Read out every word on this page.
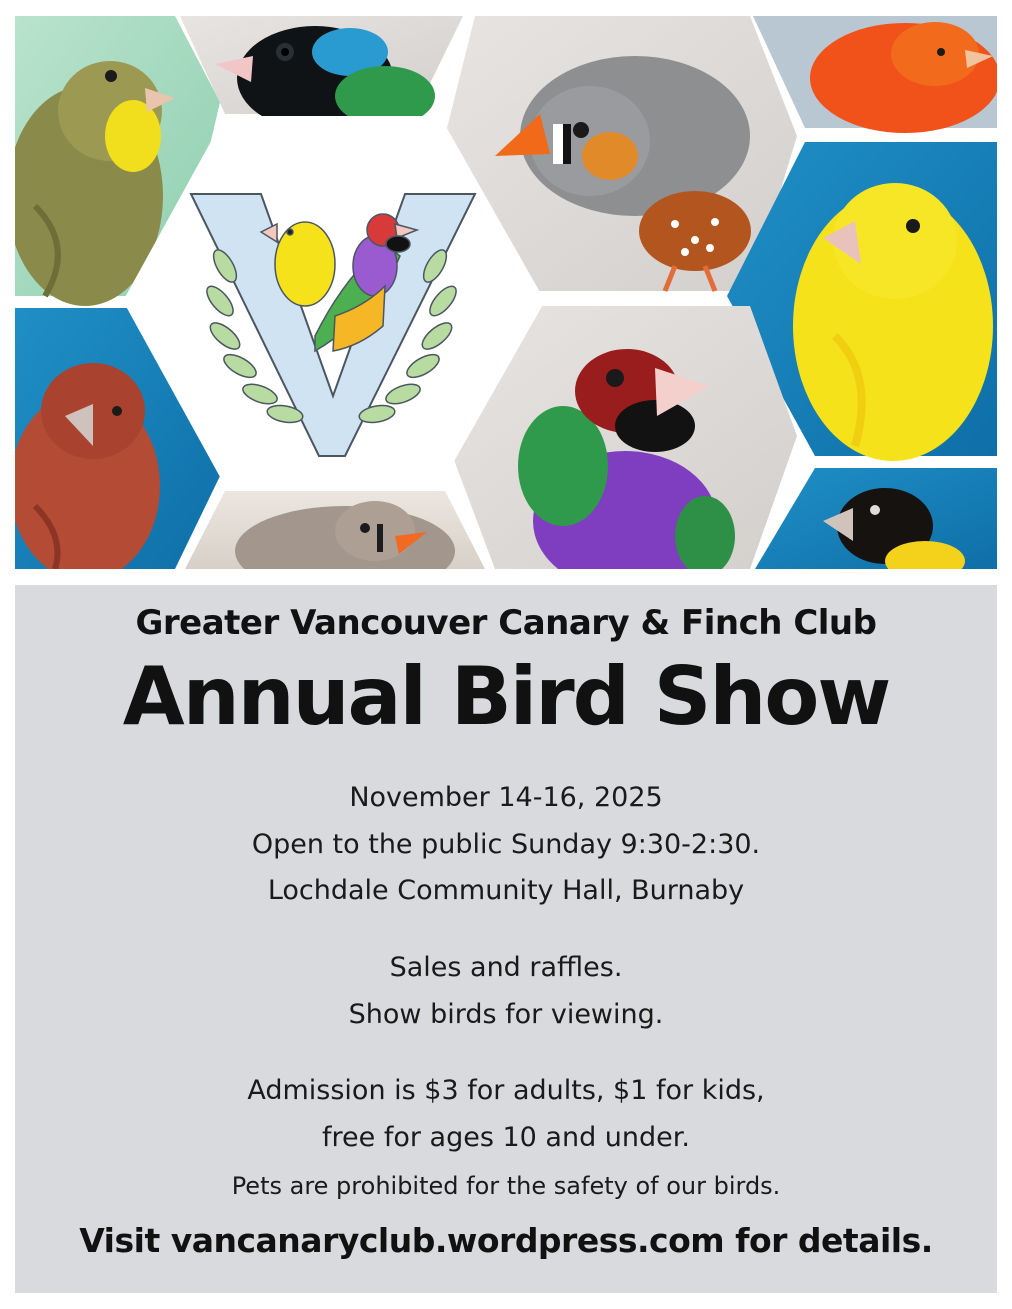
Greater Vancouver Canary & Finch Club
Annual Bird Show
November 14-16, 2025
Open to the public Sunday 9:30-2:30.
Lochdale Community Hall, Burnaby
Sales and raffles.
Show birds for viewing.
Admission is $3 for adults, $1 for kids,
free for ages 10 and under.
Pets are prohibited for the safety of our birds.
Visit vancanaryclub.wordpress.com for details.
